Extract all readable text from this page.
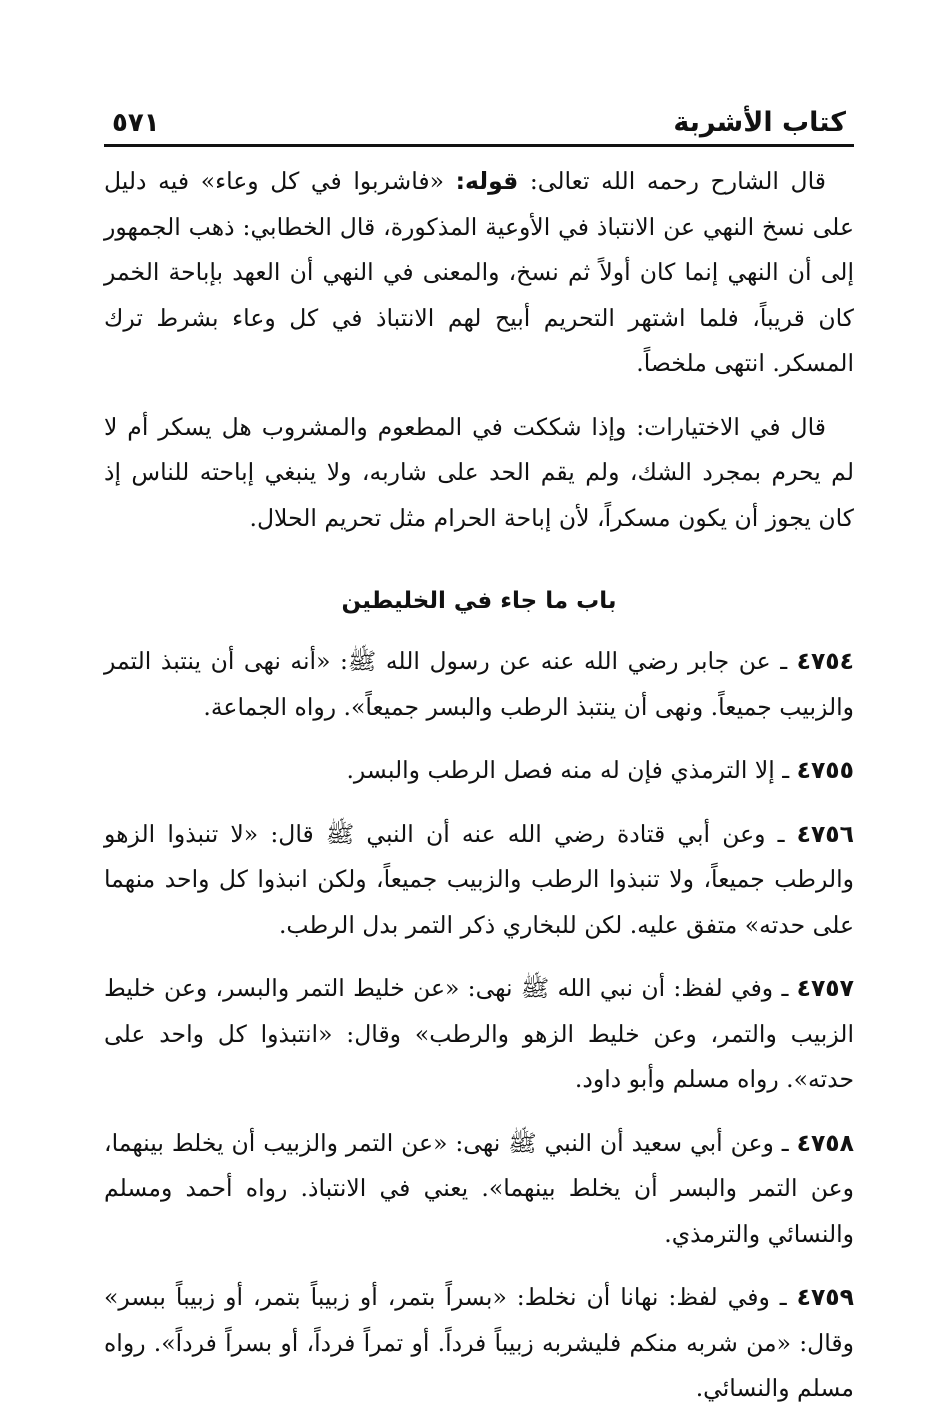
كتاب الأشربة
٥٧١

قال الشارح رحمه الله تعالى: قوله: «فاشربوا في كل وعاء» فيه دليل على نسخ النهي عن الانتباذ في الأوعية المذكورة، قال الخطابي: ذهب الجمهور إلى أن النهي إنما كان أولاً ثم نسخ، والمعنى في النهي أن العهد بإباحة الخمر كان قريباً، فلما اشتهر التحريم أبيح لهم الانتباذ في كل وعاء بشرط ترك المسكر. انتهى ملخصاً.

قال في الاختيارات: وإذا شككت في المطعوم والمشروب هل يسكر أم لا لم يحرم بمجرد الشك، ولم يقم الحد على شاربه، ولا ينبغي إباحته للناس إذ كان يجوز أن يكون مسكراً، لأن إباحة الحرام مثل تحريم الحلال.

باب ما جاء في الخليطين

٤٧٥٤ ـ عن جابر رضي الله عنه عن رسول الله ﷺ: «أنه نهى أن ينتبذ التمر والزبيب جميعاً. ونهى أن ينتبذ الرطب والبسر جميعاً». رواه الجماعة.

٤٧٥٥ ـ إلا الترمذي فإن له منه فصل الرطب والبسر.

٤٧٥٦ ـ وعن أبي قتادة رضي الله عنه أن النبي ﷺ قال: «لا تنبذوا الزهو والرطب جميعاً، ولا تنبذوا الرطب والزبيب جميعاً، ولكن انبذوا كل واحد منهما على حدته» متفق عليه. لكن للبخاري ذكر التمر بدل الرطب.

٤٧٥٧ ـ وفي لفظ: أن نبي الله ﷺ نهى: «عن خليط التمر والبسر، وعن خليط الزبيب والتمر، وعن خليط الزهو والرطب» وقال: «انتبذوا كل واحد على حدته». رواه مسلم وأبو داود.

٤٧٥٨ ـ وعن أبي سعيد أن النبي ﷺ نهى: «عن التمر والزبيب أن يخلط بينهما، وعن التمر والبسر أن يخلط بينهما». يعني في الانتباذ. رواه أحمد ومسلم والنسائي والترمذي.

٤٧٥٩ ـ وفي لفظ: نهانا أن نخلط: «بسراً بتمر، أو زبيباً بتمر، أو زبيباً ببسر» وقال: «من شربه منكم فليشربه زبيباً فرداً. أو تمراً فرداً، أو بسراً فرداً». رواه مسلم والنسائي.
